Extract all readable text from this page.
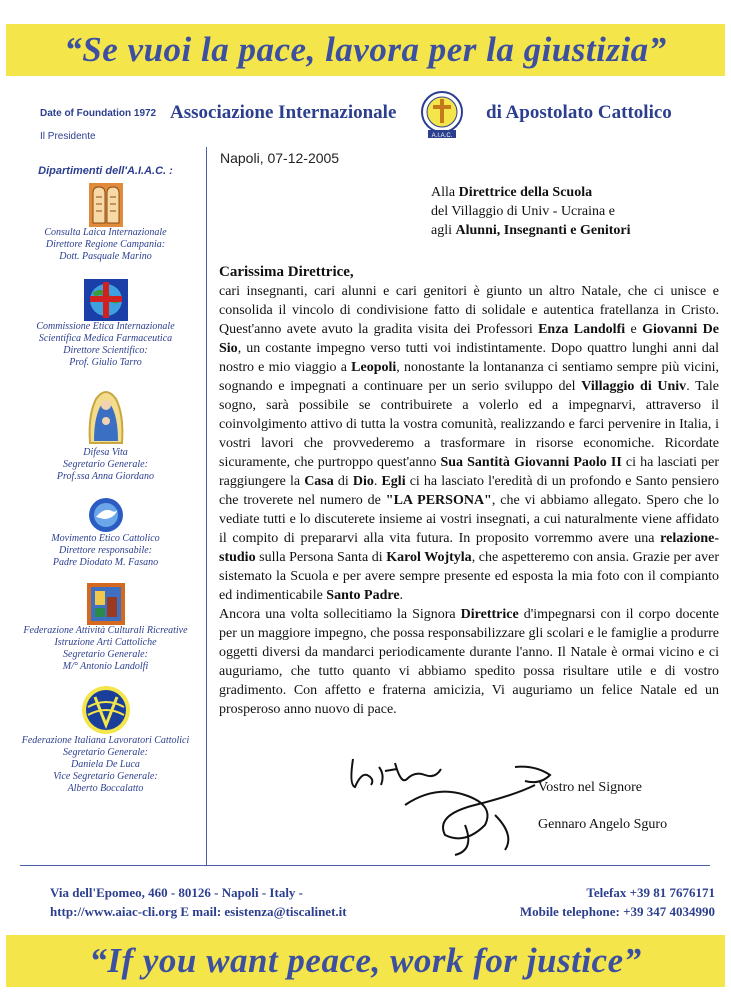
“Se vuoi la pace, lavora per la giustizia”
Date of Foundation 1972 Associazione Internazionale
A.I.A.C.
di Apostolato Cattolico
Il Presidente
Dipartimenti dell'A.I.A.C. :

Consulta Laica Internazionale

Direttore Regione Campania:

Dott. Pasquale Marino

Commissione Etica Internazionale

Scientifica Medica Farmaceutica

Direttore Scientifico:

Prof. Giulio Tarro

Difesa Vita

Segretario Generale:

Prof.ssa Anna Giordano

Movimento Etico Cattolico

Direttore responsabile:

Padre Diodato M. Fasano

Federazione Attività Culturali Ricreative

Istruzione Arti Cattoliche

Segretario Generale:

M/° Antonio Landolfi

Federazione Italiana Lavoratori Cattolici

Segretario Generale:

Daniela De Luca

Vice Segretario Generale:

Alberto Boccalatto

Napoli, 07-12-2005
Alla Direttrice della Scuola
del Villaggio di Univ - Ucraina e
agli Alunni, Insegnanti e Genitori
Carissima Direttrice,

cari insegnanti, cari alunni e cari genitori è giunto un altro Natale, che ci unisce e consolida il vincolo di condivisione fatto di solidale e autentica fratellanza in Cristo. Quest'anno avete avuto la gradita visita dei Professori Enza Landolfi e Giovanni De Sio, un costante impegno verso tutti voi indistintamente. Dopo quattro lunghi anni dal nostro e mio viaggio a Leopoli, nonostante la lontananza ci sentiamo sempre più vicini, sognando e impegnati a continuare per un serio sviluppo del Villaggio di Univ. Tale sogno, sarà possibile se contribuirete a volerlo ed a impegnarvi, attraverso il coinvolgimento attivo di tutta la vostra comunità, realizzando e farci pervenire in Italia, i vostri lavori che provvederemo a trasformare in risorse economiche. Ricordate sicuramente, che purtroppo quest'anno Sua Santità Giovanni Paolo II ci ha lasciati per raggiungere la Casa di Dio. Egli ci ha lasciato l'eredità di un profondo e Santo pensiero che troverete nel numero de "LA PERSONA", che vi abbiamo allegato. Spero che lo vediate tutti e lo discuterete insieme ai vostri insegnati, a cui naturalmente viene affidato il compito di prepararvi alla vita futura. In proposito vorremmo avere una relazione-studio sulla Persona Santa di Karol Wojtyla, che aspetteremo con ansia. Grazie per aver sistemato la Scuola e per avere sempre presente ed esposta la mia foto con il compianto ed indimenticabile Santo Padre.
Ancora una volta sollecitiamo la Signora Direttrice d'impegnarsi con il corpo docente per un maggiore impegno, che possa responsabilizzare gli scolari e le famiglie a produrre oggetti diversi da mandarci periodicamente durante l'anno. Il Natale è ormai vicino e ci auguriamo, che tutto quanto vi abbiamo spedito possa risultare utile e di vostro gradimento. Con affetto e fraterna amicizia, Vi auguriamo un felice Natale ed un prosperoso anno nuovo di pace.

Vostro nel Signore
Gennaro Angelo Sguro
Via dell'Epomeo, 460 - 80126 - Napoli - Italy -
http://www.aiac-cli.org E mail: esistenza@tiscalinet.it
Telefax +39 81 7676171
Mobile telephone: +39 347 4034990
“If you want peace, work for justice”
